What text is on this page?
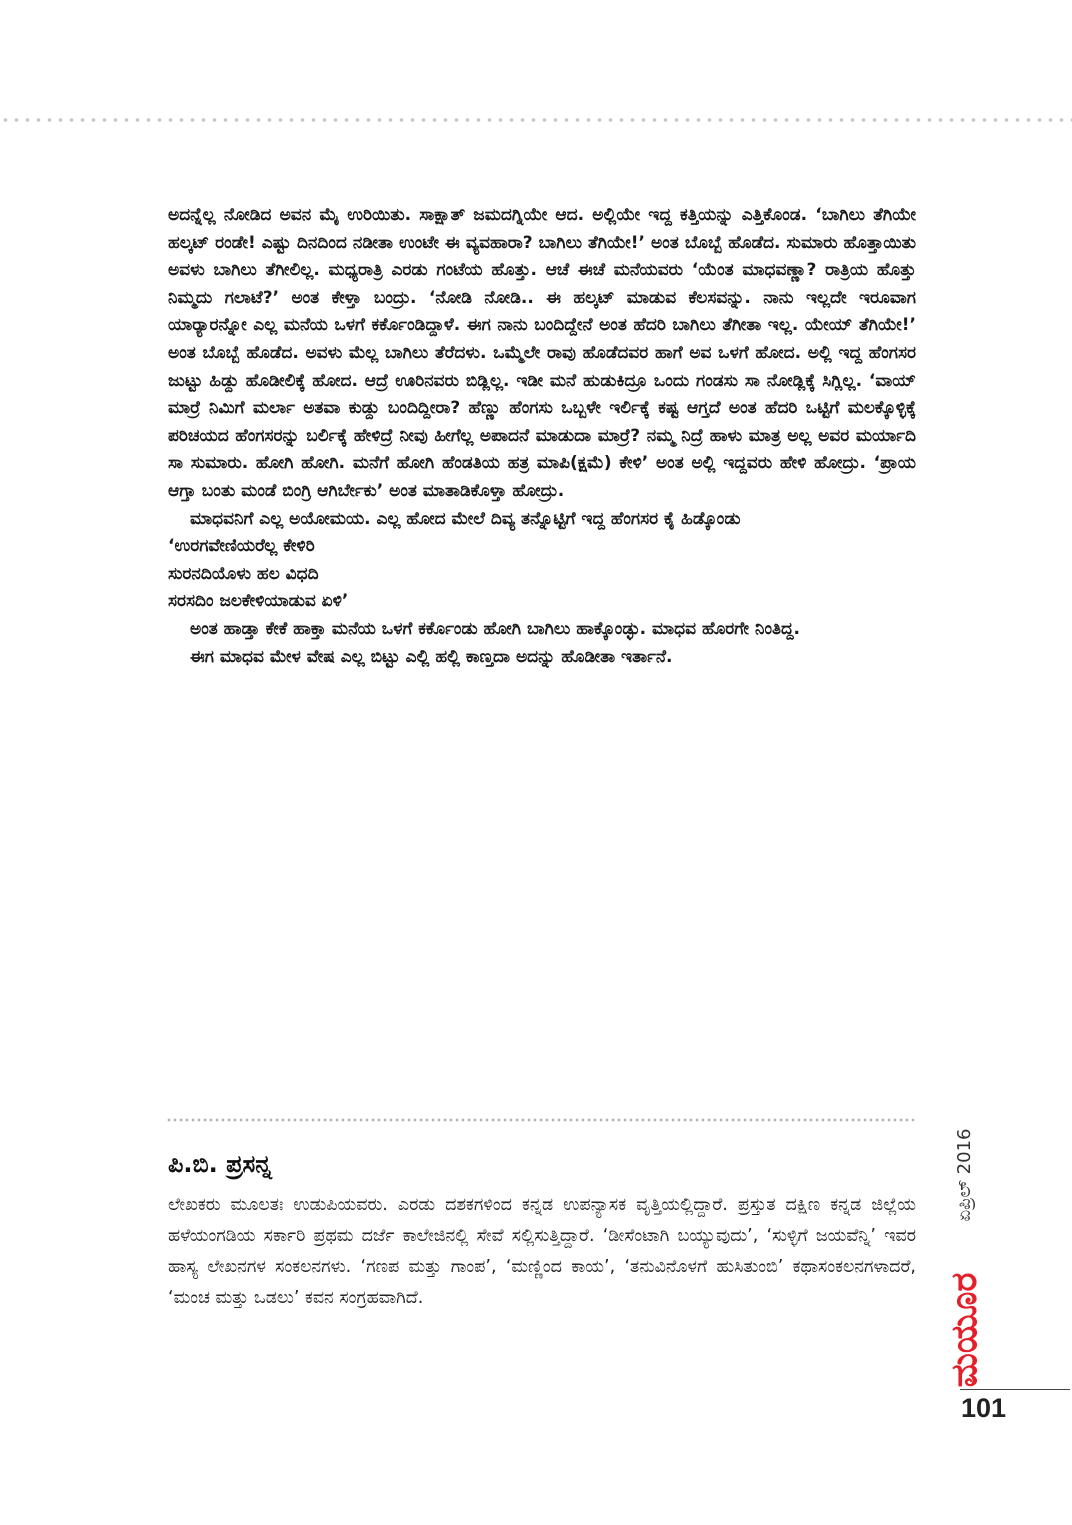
ಅದನ್ನೆಲ್ಲ ನೋಡಿದ ಅವನ ಮೈ ಉರಿಯಿತು. ಸಾಕ್ಷಾತ್ ಜಮದಗ್ನಿಯೇ ಆದ. ಅಲ್ಲಿಯೇ ಇದ್ದ ಕತ್ತಿಯನ್ನು ಎತ್ತಿಕೊಂಡ. ‘ಬಾಗಿಲು ತೆಗಿಯೇ ಹಲ್ಕಟ್ ರಂಡೇ! ಎಷ್ಟು ದಿನದಿಂದ ನಡೀತಾ ಉಂಟೇ ಈ ವ್ಯವಹಾರಾ? ಬಾಗಿಲು ತೆಗಿಯೇ!’ ಅಂತ ಬೊಬ್ಬೆ ಹೊಡೆದ. ಸುಮಾರು ಹೊತ್ತಾಯಿತು ಅವಳು ಬಾಗಿಲು ತೆಗೀಲಿಲ್ಲ. ಮಧ್ಯರಾತ್ರಿ ಎರಡು ಗಂಟೆಯ ಹೊತ್ತು. ಆಚೆ ಈಚೆ ಮನೆಯವರು ‘ಯೆಂತ ಮಾಧವಣ್ಣಾ? ರಾತ್ರಿಯ ಹೊತ್ತು ನಿಮ್ಮದು ಗಲಾಟೆ?’ ಅಂತ ಕೇಳ್ತಾ ಬಂದ್ರು. ‘ನೋಡಿ ನೋಡಿ.. ಈ ಹಲ್ಕಟ್ ಮಾಡುವ ಕೆಲಸವನ್ನು. ನಾನು ಇಲ್ಲದೇ ಇರೂವಾಗ ಯಾರ್‍ಯಾರನ್ನೋ ಎಲ್ಲ ಮನೆಯ ಒಳಗೆ ಕರ್ಕೊಂಡಿದ್ದಾಳೆ. ಈಗ ನಾನು ಬಂದಿದ್ದೇನೆ ಅಂತ ಹೆದರಿ ಬಾಗಿಲು ತೆಗೀತಾ ಇಲ್ಲ. ಯೇಯ್ ತೆಗಿಯೇ!’ ಅಂತ ಬೊಬ್ಬೆ ಹೊಡೆದ. ಅವಳು ಮೆಲ್ಲ ಬಾಗಿಲು ತೆರೆದಳು. ಒಮ್ಮೆಲೇ ರಾವು ಹೊಡೆದವರ ಹಾಗೆ ಅವ ಒಳಗೆ ಹೋದ. ಅಲ್ಲಿ ಇದ್ದ ಹೆಂಗಸರ ಜುಟ್ಟು ಹಿಡ್ದು ಹೊಡೀಲಿಕ್ಕೆ ಹೋದ. ಆದ್ರೆ ಊರಿನವರು ಬಿಡ್ಲಿಲ್ಲ. ಇಡೀ ಮನೆ ಹುಡುಕಿದ್ರೂ ಒಂದು ಗಂಡಸು ಸಾ ನೋಡ್ಲಿಕ್ಕೆ ಸಿಗ್ಲಿಲ್ಲ. ‘ವಾಯ್ ಮಾರ್‍ರೆ ನಿಮಿಗೆ ಮರ್ಲಾ ಅತವಾ ಕುಡ್ದು ಬಂದಿದ್ದೀರಾ? ಹೆಣ್ಣು ಹೆಂಗಸು ಒಬ್ಬಳೇ ಇರ್ಲಿಕ್ಕೆ ಕಷ್ಟ ಆಗ್ತದೆ ಅಂತ ಹೆದರಿ ಒಟ್ಟಿಗೆ ಮಲಕ್ಕೊಳ್ಳಿಕ್ಕೆ ಪರಿಚಯದ ಹೆಂಗಸರನ್ನು ಬರ್ಲಿಕ್ಕೆ ಹೇಳಿದ್ರೆ ನೀವು ಹೀಗೆಲ್ಲ ಅಪಾದನೆ ಮಾಡುದಾ ಮಾರ್‍ರೆ? ನಮ್ಮ ನಿದ್ರೆ ಹಾಳು ಮಾತ್ರ ಅಲ್ಲ ಅವರ ಮರ್ಯಾದಿ ಸಾ ಸುಮಾರು. ಹೋಗಿ ಹೋಗಿ. ಮನೆಗೆ ಹೋಗಿ ಹೆಂಡತಿಯ ಹತ್ರ ಮಾಪಿ(ಕ್ಷಮೆ) ಕೇಳಿ’ ಅಂತ ಅಲ್ಲಿ ಇದ್ದವರು ಹೇಳಿ ಹೋದ್ರು. ‘ಪ್ರಾಯ ಆಗ್ತಾ ಬಂತು ಮಂಡೆ ಬಿಂಗ್ರಿ ಆಗಿರ್ಬೇಕು’ ಅಂತ ಮಾತಾಡಿಕೊಳ್ತಾ ಹೋದ್ರು.

ಮಾಧವನಿಗೆ ಎಲ್ಲ ಅಯೋಮಯ. ಎಲ್ಲ ಹೋದ ಮೇಲೆ ದಿವ್ಯ ತನ್ನೊಟ್ಟಿಗೆ ಇದ್ದ ಹೆಂಗಸರ ಕೈ ಹಿಡ್ಕೊಂಡು

‘ಉರಗವೇಣಿಯರೆಲ್ಲ ಕೇಳಿರಿ

ಸುರನದಿಯೊಳು ಹಲ ವಿಧದಿ

ಸರಸದಿಂ ಜಲಕೇಳಿಯಾಡುವ ಏಳಿ’

ಅಂತ ಹಾಡ್ತಾ ಕೇಕೆ ಹಾಕ್ತಾ ಮನೆಯ ಒಳಗೆ ಕರ್ಕೊಂಡು ಹೋಗಿ ಬಾಗಿಲು ಹಾಕ್ಕೊಂಡ್ಳು. ಮಾಧವ ಹೊರಗೇ ನಿಂತಿದ್ದ.

ಈಗ ಮಾಧವ ಮೇಳ ವೇಷ ಎಲ್ಲ ಬಿಟ್ಟು ಎಲ್ಲಿ ಹಲ್ಲಿ ಕಾಣ್ತದಾ ಅದನ್ನು ಹೊಡೀತಾ ಇರ್ತಾನೆ.

ಪಿ.ಬಿ. ಪ್ರಸನ್ನ
ಲೇಖಕರು ಮೂಲತಃ ಉಡುಪಿಯವರು. ಎರಡು ದಶಕಗಳಿಂದ ಕನ್ನಡ ಉಪನ್ಯಾಸಕ ವೃತ್ತಿಯಲ್ಲಿದ್ದಾರೆ. ಪ್ರಸ್ತುತ ದಕ್ಷಿಣ ಕನ್ನಡ ಜಿಲ್ಲೆಯ ಹಳೆಯಂಗಡಿಯ ಸರ್ಕಾರಿ ಪ್ರಥಮ ದರ್ಜೆ ಕಾಲೇಜಿನಲ್ಲಿ ಸೇವೆ ಸಲ್ಲಿಸುತ್ತಿದ್ದಾರೆ. ‘ಡೀಸೆಂಟಾಗಿ ಬಯ್ಯುವುದು’, ‘ಸುಳ್ಳಿಗೆ ಜಯವೆನ್ನಿ’ ಇವರ ಹಾಸ್ಯ ಲೇಖನಗಳ ಸಂಕಲನಗಳು. ‘ಗಣಪ ಮತ್ತು ಗಾಂಪ’, ‘ಮಣ್ಣಿಂದ ಕಾಯ’, ‘ತನುವಿನೊಳಗೆ ಹುಸಿತುಂಬಿ’ ಕಥಾಸಂಕಲನಗಳಾದರೆ, ‘ಮಂಚ ಮತ್ತು ಒಡಲು’ ಕವನ ಸಂಗ್ರಹವಾಗಿದೆ.
ಏಪ್ರಿಲ್ 2016
ಮಯೂರ
101
